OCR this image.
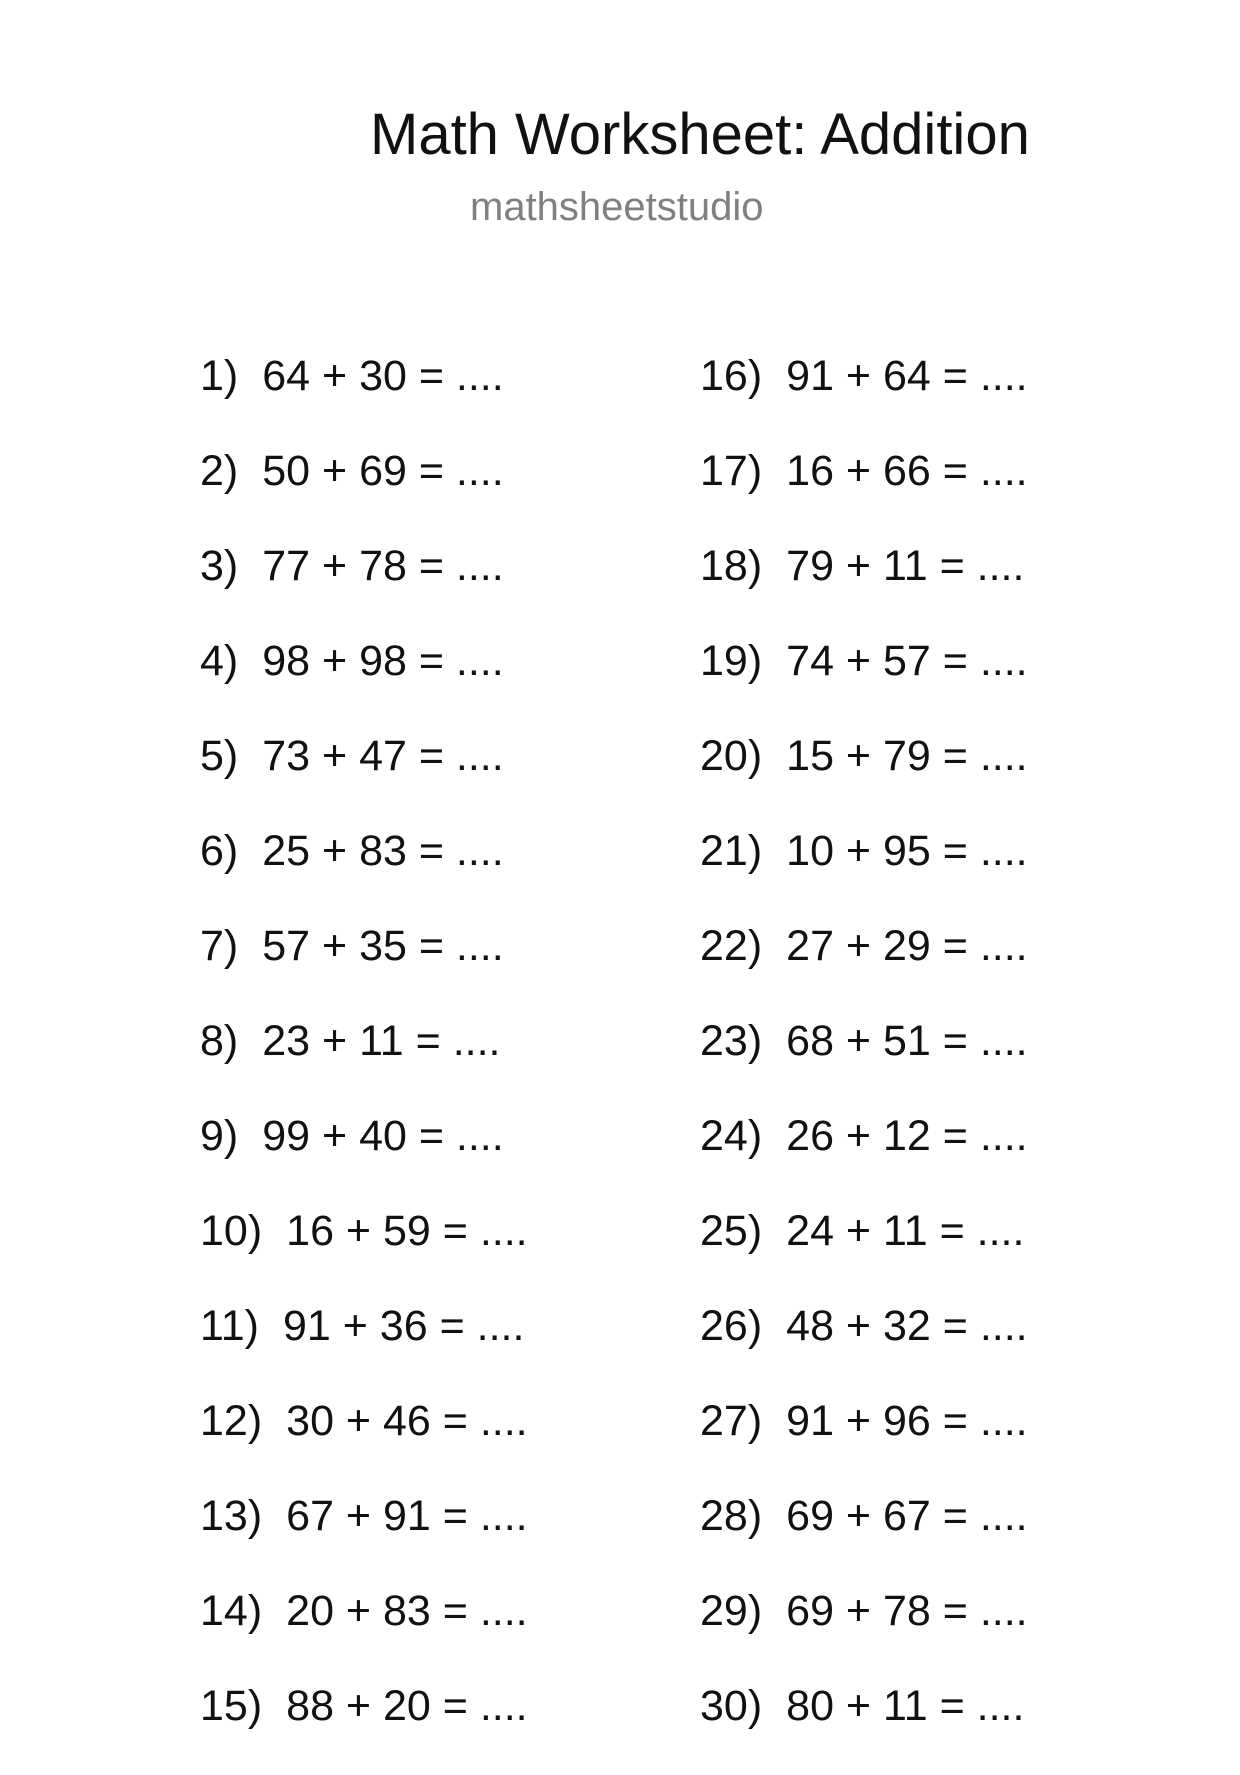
Math Worksheet: Addition
mathsheetstudio
1) 64 + 30 = ....
2) 50 + 69 = ....
3) 77 + 78 = ....
4) 98 + 98 = ....
5) 73 + 47 = ....
6) 25 + 83 = ....
7) 57 + 35 = ....
8) 23 + 11 = ....
9) 99 + 40 = ....
10) 16 + 59 = ....
11) 91 + 36 = ....
12) 30 + 46 = ....
13) 67 + 91 = ....
14) 20 + 83 = ....
15) 88 + 20 = ....
16) 91 + 64 = ....
17) 16 + 66 = ....
18) 79 + 11 = ....
19) 74 + 57 = ....
20) 15 + 79 = ....
21) 10 + 95 = ....
22) 27 + 29 = ....
23) 68 + 51 = ....
24) 26 + 12 = ....
25) 24 + 11 = ....
26) 48 + 32 = ....
27) 91 + 96 = ....
28) 69 + 67 = ....
29) 69 + 78 = ....
30) 80 + 11 = ....
